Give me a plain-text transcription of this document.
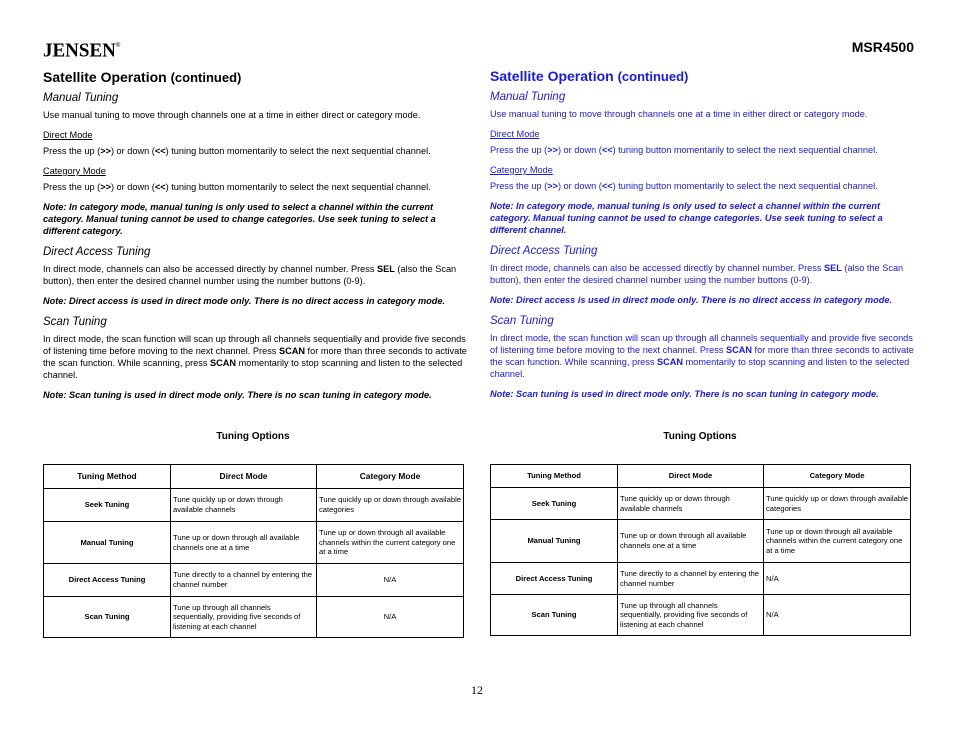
JENSEN®	MSR4500
Satellite Operation (continued)
Manual Tuning
Use manual tuning to move through channels one at a time in either direct or category mode.
Direct Mode
Press the up (>>) or down (<<) tuning button momentarily to select the next sequential channel.
Category Mode
Press the up (>>) or down (<<) tuning button momentarily to select the next sequential channel.
Note: In category mode, manual tuning is only used to select a channel within the current category. Manual tuning cannot be used to change categories. Use seek tuning to select a different category.
Direct Access Tuning
In direct mode, channels can also be accessed directly by channel number. Press SEL (also the Scan button), then enter the desired channel number using the number buttons (0-9).
Note: Direct access is used in direct mode only. There is no direct access in category mode.
Scan Tuning
In direct mode, the scan function will scan up through all channels sequentially and provide five seconds of listening time before moving to the next channel. Press SCAN for more than three seconds to activate the scan function. While scanning, press SCAN momentarily to stop scanning and listen to the selected channel.
Note: Scan tuning is used in direct mode only. There is no scan tuning in category mode.
Satellite Operation (continued)
Manual Tuning
Use manual tuning to move through channels one at a time in either direct or category mode.
Direct Mode
Press the up (>>) or down (<<) tuning button momentarily to select the next sequential channel.
Category Mode
Press the up (>>) or down (<<) tuning button momentarily to select the next sequential channel.
Note: In category mode, manual tuning is only used to select a channel within the current category. Manual tuning cannot be used to change categories. Use seek tuning to select a different channel.
Direct Access Tuning
In direct mode, channels can also be accessed directly by channel number. Press SEL (also the Scan button), then enter the desired channel number using the number buttons (0-9).
Note: Direct access is used in direct mode only. There is no direct access in category mode.
Scan Tuning
In direct mode, the scan function will scan up through all channels sequentially and provide five seconds of listening time before moving to the next channel. Press SCAN for more than three seconds to activate the scan function. While scanning, press SCAN momentarily to stop scanning and listen to the selected channel.
Note: Scan tuning is used in direct mode only. There is no scan tuning in category mode.
Tuning Options	Tuning Options
Tuning Method	Direct Mode	Category Mode
Seek Tuning	Tune quickly up or down through available channels	Tune quickly up or down through available categories
Manual Tuning	Tune up or down through all available channels one at a time	Tune up or down through all available channels within the current category one at a time
Direct Access Tuning	Tune directly to a channel by entering the channel number	N/A
Scan Tuning	Tune up through all channels sequentially, providing five seconds of listening at each channel	N/A
Tuning Method	Direct Mode	Category Mode
Seek Tuning	Tune quickly up or down through available channels	Tune quickly up or down through available categories
Manual Tuning	Tune up or down through all available channels one at a time	Tune up or down through all available channels within the current category one at a time
Direct Access Tuning	Tune directly to a channel by entering the channel number	N/A
Scan Tuning	Tune up through all channels sequentially, providing five seconds of listening at each channel	N/A
12
